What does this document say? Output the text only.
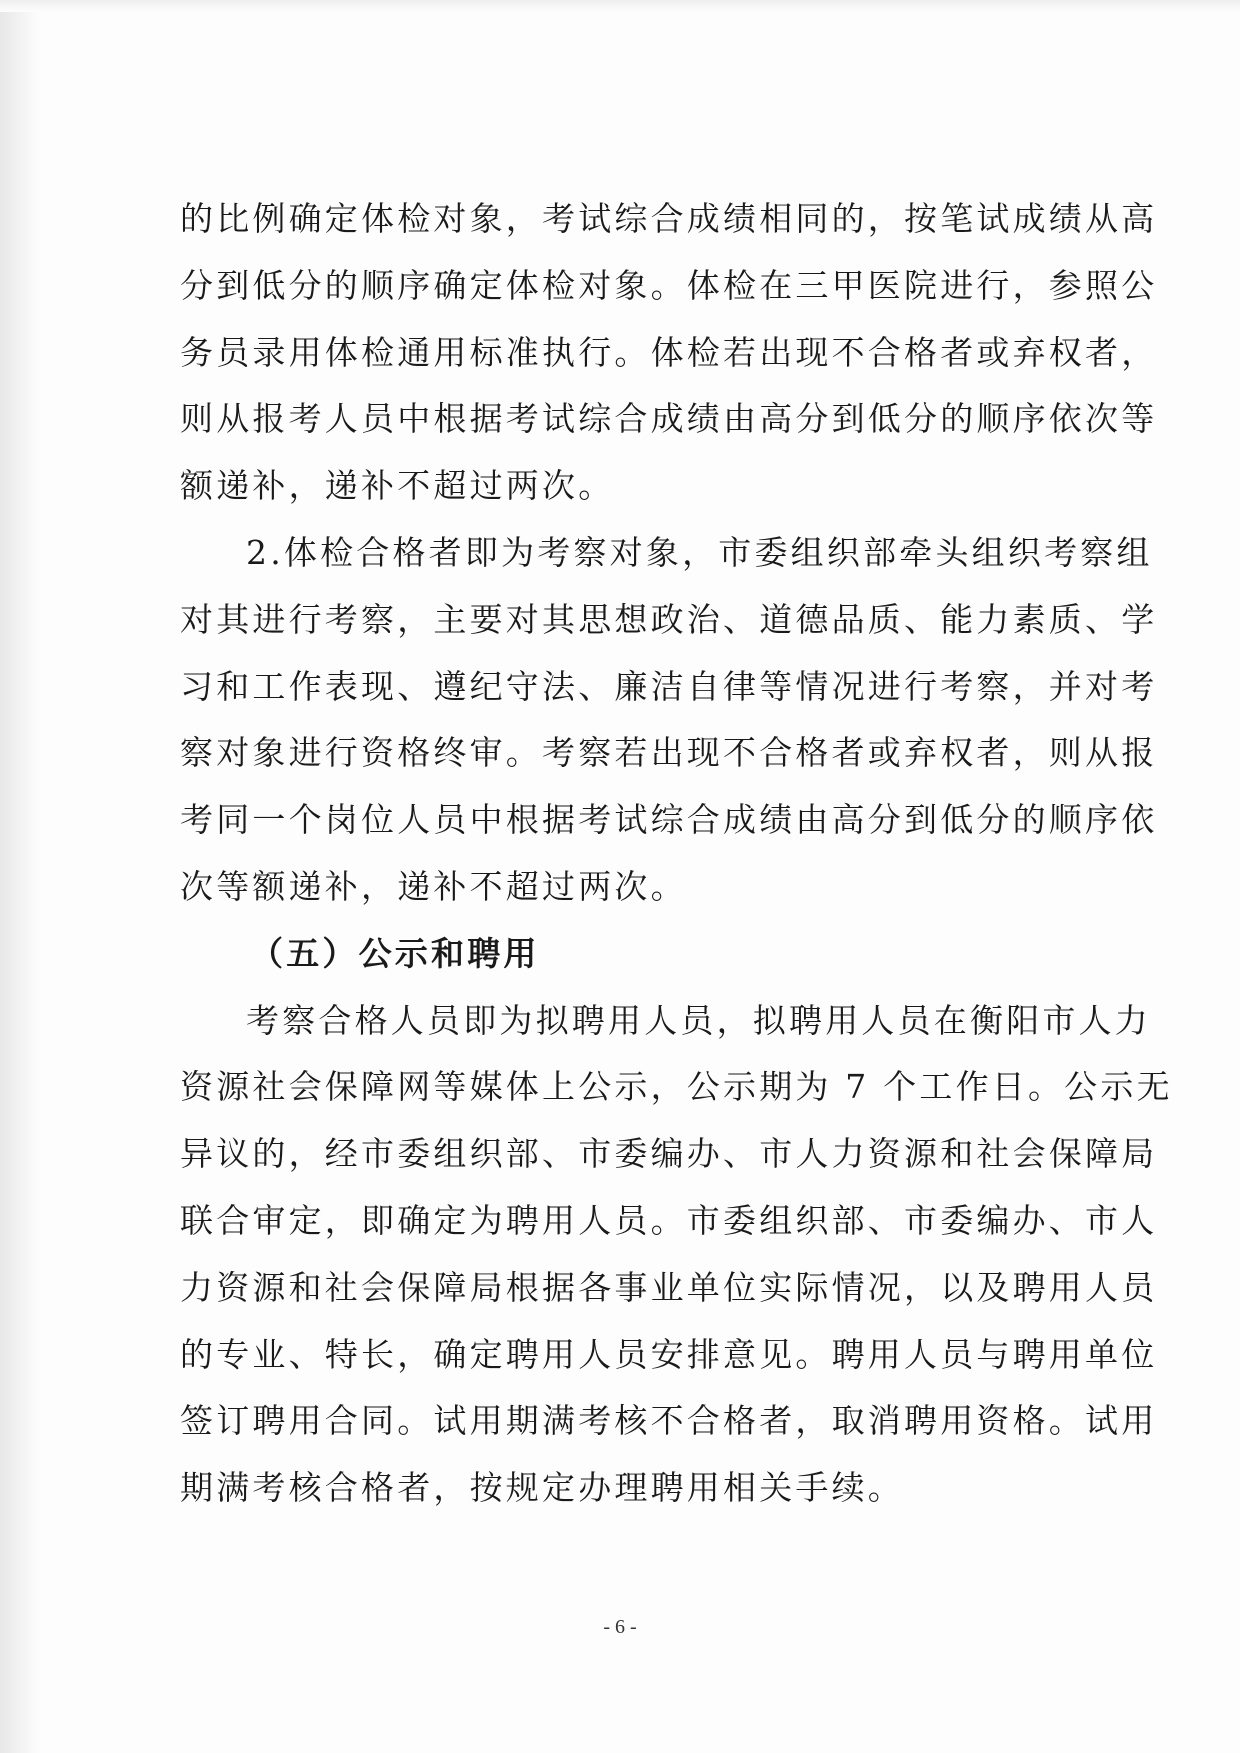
的比例确定体检对象，考试综合成绩相同的，按笔试成绩从高
分到低分的顺序确定体检对象。体检在三甲医院进行，参照公
务员录用体检通用标准执行。体检若出现不合格者或弃权者，
则从报考人员中根据考试综合成绩由高分到低分的顺序依次等
额递补，递补不超过两次。
2.体检合格者即为考察对象，市委组织部牵头组织考察组
对其进行考察，主要对其思想政治、道德品质、能力素质、学
习和工作表现、遵纪守法、廉洁自律等情况进行考察，并对考
察对象进行资格终审。考察若出现不合格者或弃权者，则从报
考同一个岗位人员中根据考试综合成绩由高分到低分的顺序依
次等额递补，递补不超过两次。
（五）公示和聘用
考察合格人员即为拟聘用人员，拟聘用人员在衡阳市人力
资源社会保障网等媒体上公示，公示期为 7 个工作日。公示无
异议的，经市委组织部、市委编办、市人力资源和社会保障局
联合审定，即确定为聘用人员。市委组织部、市委编办、市人
力资源和社会保障局根据各事业单位实际情况，以及聘用人员
的专业、特长，确定聘用人员安排意见。聘用人员与聘用单位
签订聘用合同。试用期满考核不合格者，取消聘用资格。试用
期满考核合格者，按规定办理聘用相关手续。
- 6 -
